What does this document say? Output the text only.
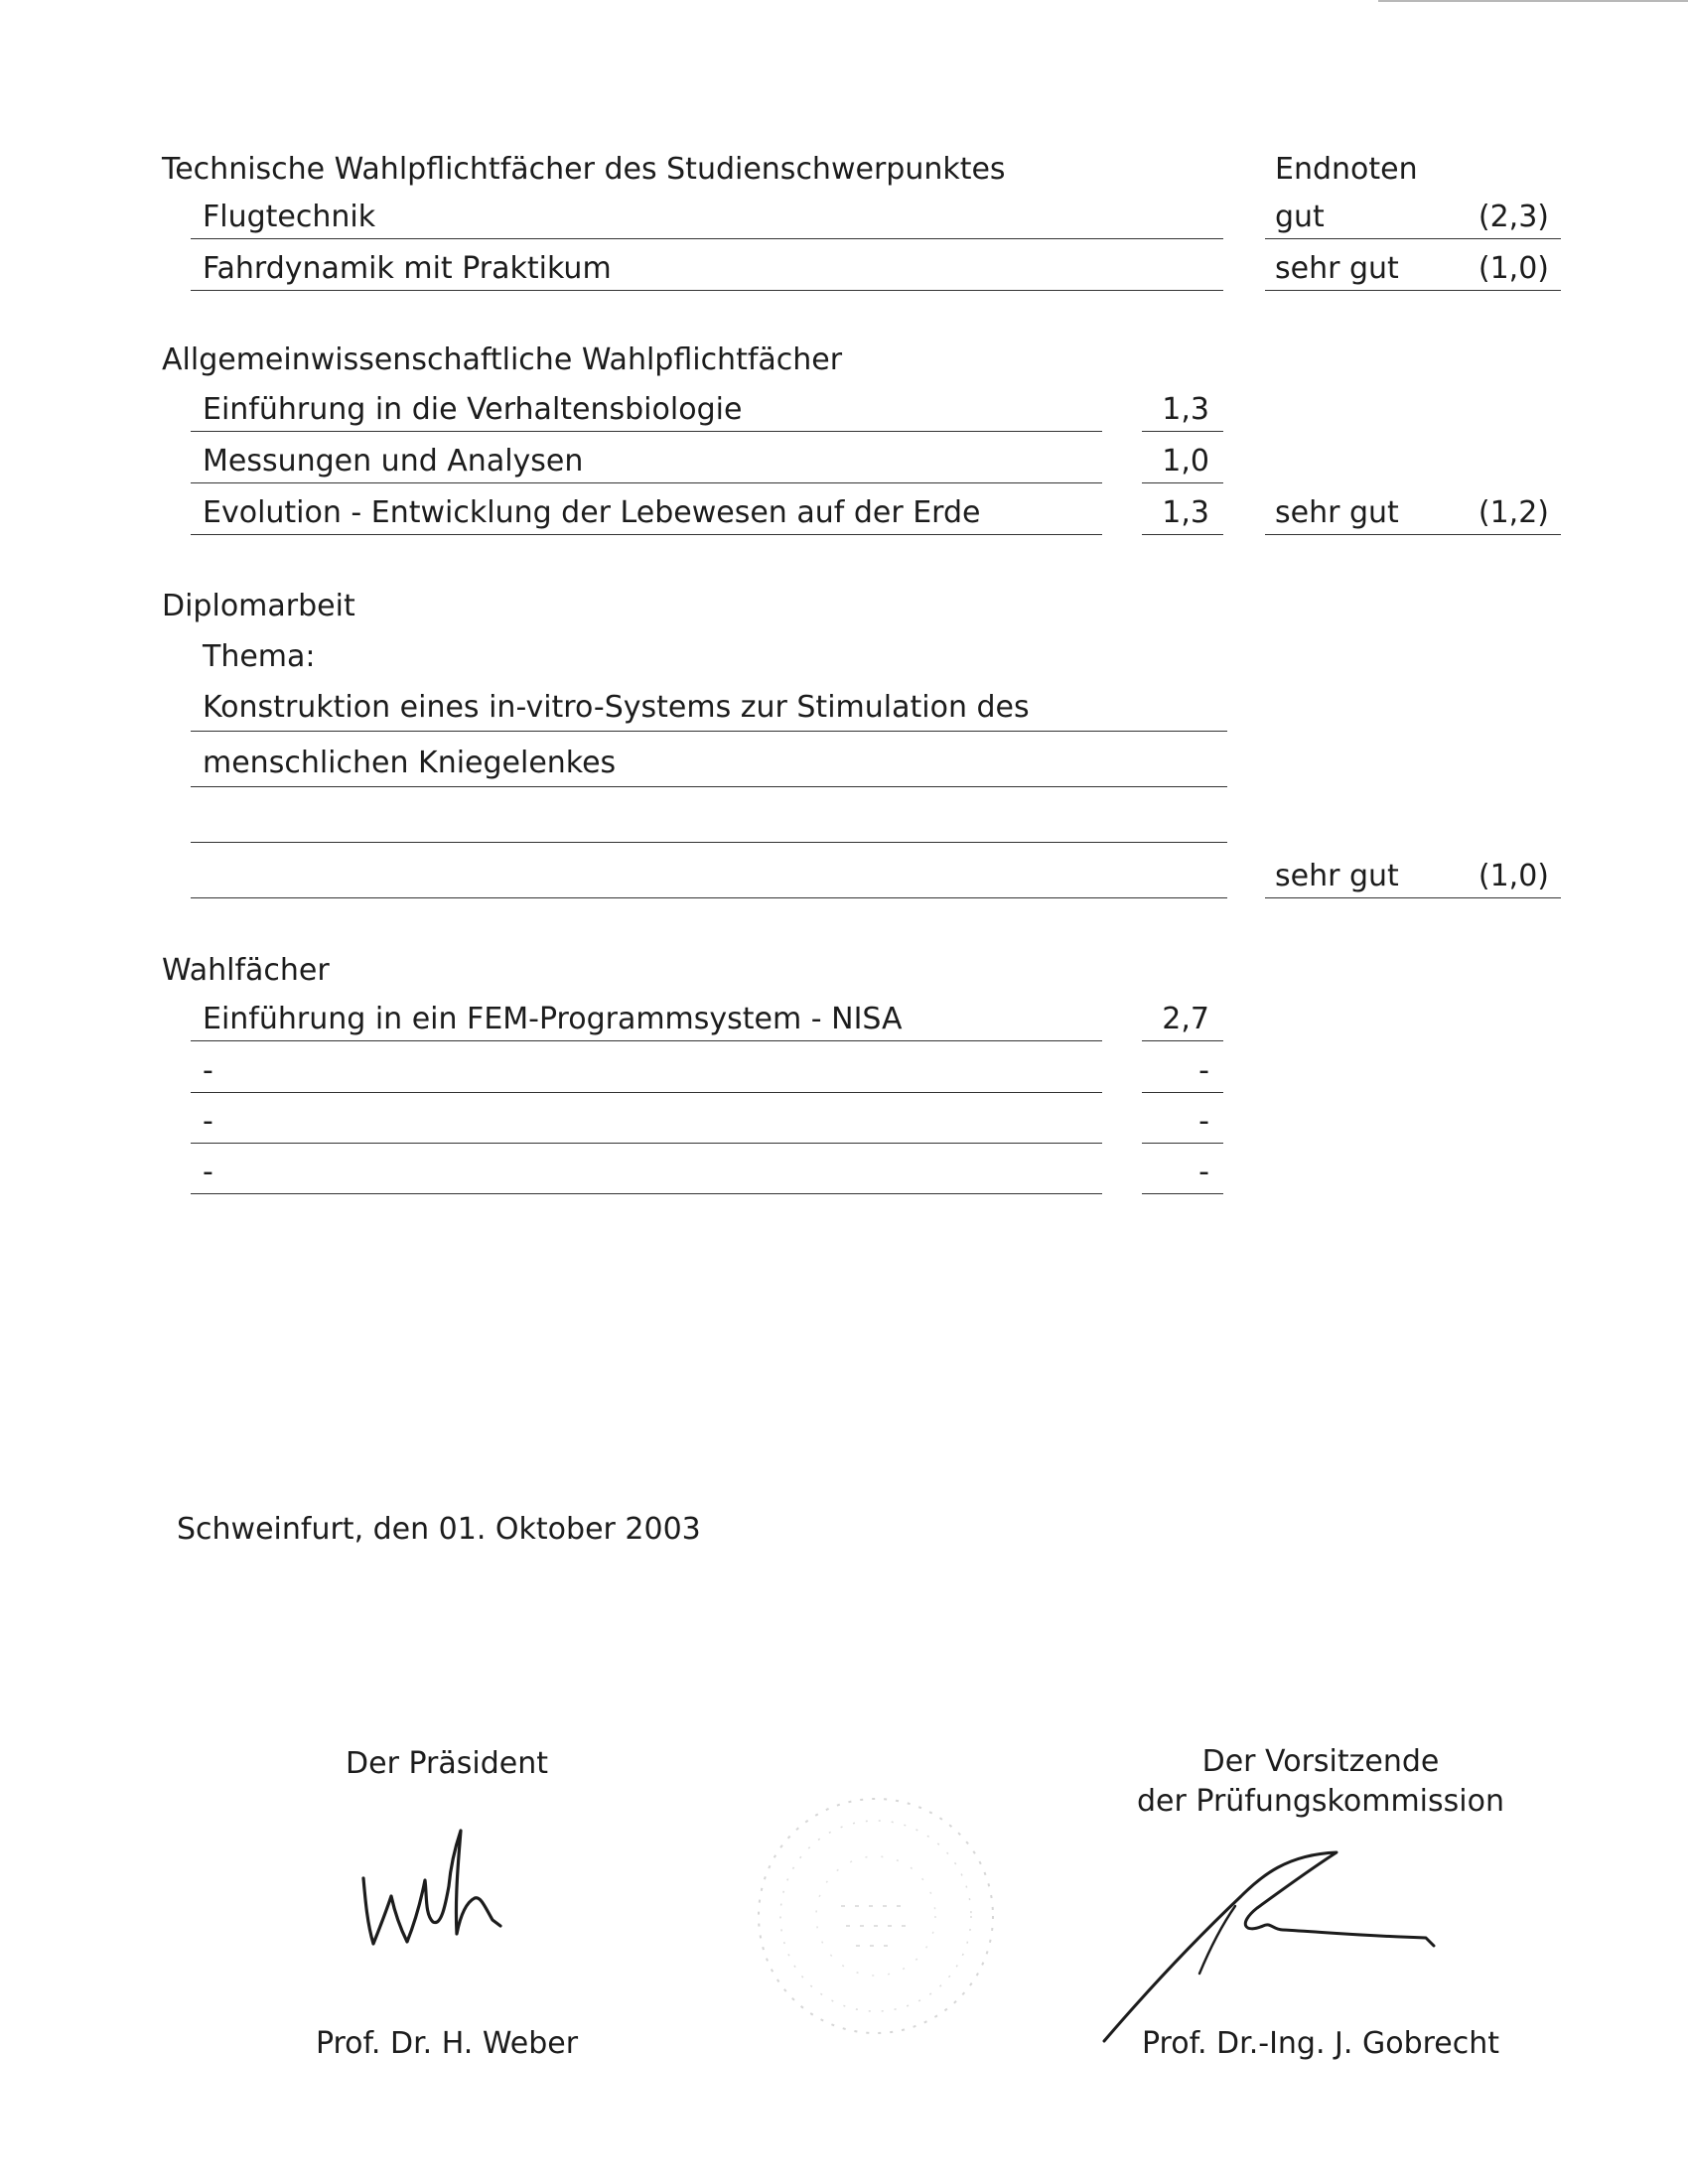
Technische Wahlpflichtfächer des Studienschwerpunktes	Endnoten
Flugtechnik	gut	(2,3)
Fahrdynamik mit Praktikum	sehr gut	(1,0)
Allgemeinwissenschaftliche Wahlpflichtfächer
Einführung in die Verhaltensbiologie	1,3
Messungen und Analysen	1,0
Evolution - Entwicklung der Lebewesen auf der Erde	1,3 sehr gut	(1,2)
Diplomarbeit
Thema:
Konstruktion eines in-vitro-Systems zur Stimulation des
menschlichen Kniegelenkes
sehr gut	(1,0)
Wahlfächer
Einführung in ein FEM-Programmsystem - NISA	2,7
-	-
-	-
-	-
Schweinfurt, den 01. Oktober 2003
Der Präsident
Prof. Dr. H. Weber
Der Vorsitzende
der Prüfungskommission
Prof. Dr.-Ing. J. Gobrecht
